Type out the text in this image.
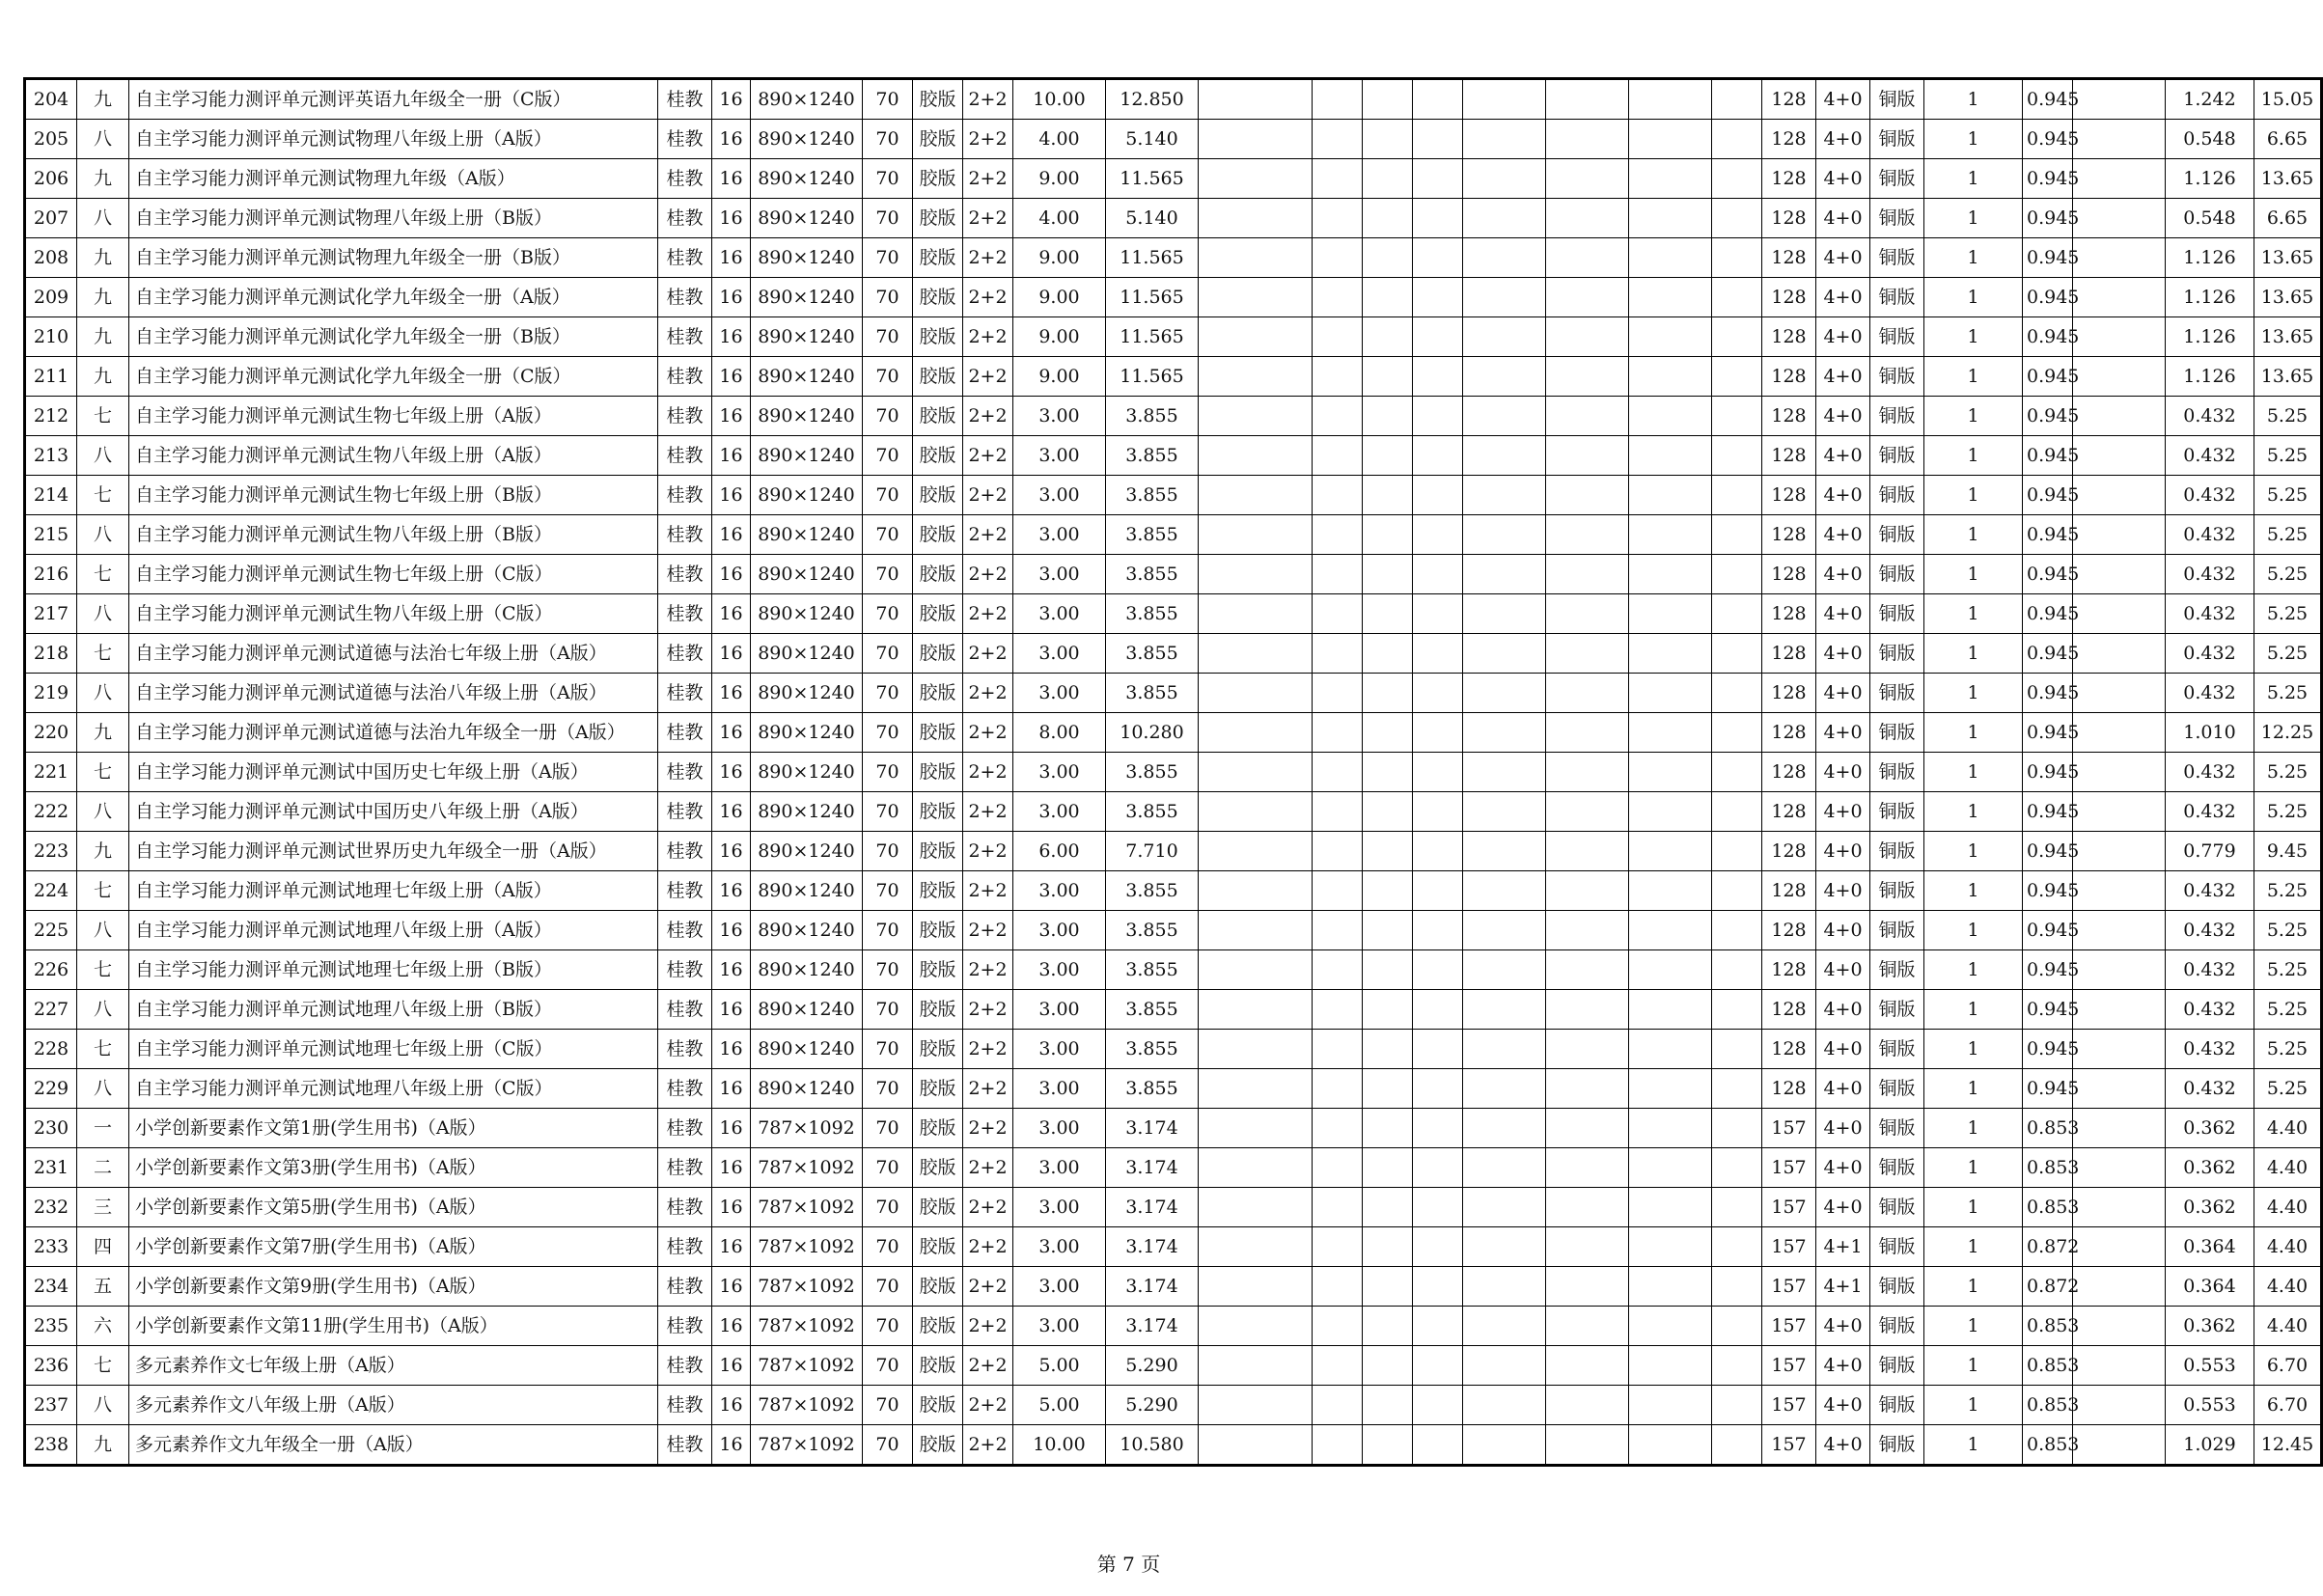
204	九	自主学习能力测评单元测评英语九年级全一册（C版）	桂教	16	890×1240	70	胶版	2+2	10.00	12.850									128	4+0	铜版	1	0.945		1.242	15.05
205	八	自主学习能力测评单元测试物理八年级上册（A版）	桂教	16	890×1240	70	胶版	2+2	4.00	5.140									128	4+0	铜版	1	0.945		0.548	6.65
206	九	自主学习能力测评单元测试物理九年级（A版）	桂教	16	890×1240	70	胶版	2+2	9.00	11.565									128	4+0	铜版	1	0.945		1.126	13.65
207	八	自主学习能力测评单元测试物理八年级上册（B版）	桂教	16	890×1240	70	胶版	2+2	4.00	5.140									128	4+0	铜版	1	0.945		0.548	6.65
208	九	自主学习能力测评单元测试物理九年级全一册（B版）	桂教	16	890×1240	70	胶版	2+2	9.00	11.565									128	4+0	铜版	1	0.945		1.126	13.65
209	九	自主学习能力测评单元测试化学九年级全一册（A版）	桂教	16	890×1240	70	胶版	2+2	9.00	11.565									128	4+0	铜版	1	0.945		1.126	13.65
210	九	自主学习能力测评单元测试化学九年级全一册（B版）	桂教	16	890×1240	70	胶版	2+2	9.00	11.565									128	4+0	铜版	1	0.945		1.126	13.65
211	九	自主学习能力测评单元测试化学九年级全一册（C版）	桂教	16	890×1240	70	胶版	2+2	9.00	11.565									128	4+0	铜版	1	0.945		1.126	13.65
212	七	自主学习能力测评单元测试生物七年级上册（A版）	桂教	16	890×1240	70	胶版	2+2	3.00	3.855									128	4+0	铜版	1	0.945		0.432	5.25
213	八	自主学习能力测评单元测试生物八年级上册（A版）	桂教	16	890×1240	70	胶版	2+2	3.00	3.855									128	4+0	铜版	1	0.945		0.432	5.25
214	七	自主学习能力测评单元测试生物七年级上册（B版）	桂教	16	890×1240	70	胶版	2+2	3.00	3.855									128	4+0	铜版	1	0.945		0.432	5.25
215	八	自主学习能力测评单元测试生物八年级上册（B版）	桂教	16	890×1240	70	胶版	2+2	3.00	3.855									128	4+0	铜版	1	0.945		0.432	5.25
216	七	自主学习能力测评单元测试生物七年级上册（C版）	桂教	16	890×1240	70	胶版	2+2	3.00	3.855									128	4+0	铜版	1	0.945		0.432	5.25
217	八	自主学习能力测评单元测试生物八年级上册（C版）	桂教	16	890×1240	70	胶版	2+2	3.00	3.855									128	4+0	铜版	1	0.945		0.432	5.25
218	七	自主学习能力测评单元测试道德与法治七年级上册（A版）	桂教	16	890×1240	70	胶版	2+2	3.00	3.855									128	4+0	铜版	1	0.945		0.432	5.25
219	八	自主学习能力测评单元测试道德与法治八年级上册（A版）	桂教	16	890×1240	70	胶版	2+2	3.00	3.855									128	4+0	铜版	1	0.945		0.432	5.25
220	九	自主学习能力测评单元测试道德与法治九年级全一册（A版）	桂教	16	890×1240	70	胶版	2+2	8.00	10.280									128	4+0	铜版	1	0.945		1.010	12.25
221	七	自主学习能力测评单元测试中国历史七年级上册（A版）	桂教	16	890×1240	70	胶版	2+2	3.00	3.855									128	4+0	铜版	1	0.945		0.432	5.25
222	八	自主学习能力测评单元测试中国历史八年级上册（A版）	桂教	16	890×1240	70	胶版	2+2	3.00	3.855									128	4+0	铜版	1	0.945		0.432	5.25
223	九	自主学习能力测评单元测试世界历史九年级全一册（A版）	桂教	16	890×1240	70	胶版	2+2	6.00	7.710									128	4+0	铜版	1	0.945		0.779	9.45
224	七	自主学习能力测评单元测试地理七年级上册（A版）	桂教	16	890×1240	70	胶版	2+2	3.00	3.855									128	4+0	铜版	1	0.945		0.432	5.25
225	八	自主学习能力测评单元测试地理八年级上册（A版）	桂教	16	890×1240	70	胶版	2+2	3.00	3.855									128	4+0	铜版	1	0.945		0.432	5.25
226	七	自主学习能力测评单元测试地理七年级上册（B版）	桂教	16	890×1240	70	胶版	2+2	3.00	3.855									128	4+0	铜版	1	0.945		0.432	5.25
227	八	自主学习能力测评单元测试地理八年级上册（B版）	桂教	16	890×1240	70	胶版	2+2	3.00	3.855									128	4+0	铜版	1	0.945		0.432	5.25
228	七	自主学习能力测评单元测试地理七年级上册（C版）	桂教	16	890×1240	70	胶版	2+2	3.00	3.855									128	4+0	铜版	1	0.945		0.432	5.25
229	八	自主学习能力测评单元测试地理八年级上册（C版）	桂教	16	890×1240	70	胶版	2+2	3.00	3.855									128	4+0	铜版	1	0.945		0.432	5.25
230	一	小学创新要素作文第1册(学生用书)（A版）	桂教	16	787×1092	70	胶版	2+2	3.00	3.174									157	4+0	铜版	1	0.853		0.362	4.40
231	二	小学创新要素作文第3册(学生用书)（A版）	桂教	16	787×1092	70	胶版	2+2	3.00	3.174									157	4+0	铜版	1	0.853		0.362	4.40
232	三	小学创新要素作文第5册(学生用书)（A版）	桂教	16	787×1092	70	胶版	2+2	3.00	3.174									157	4+0	铜版	1	0.853		0.362	4.40
233	四	小学创新要素作文第7册(学生用书)（A版）	桂教	16	787×1092	70	胶版	2+2	3.00	3.174									157	4+1	铜版	1	0.872		0.364	4.40
234	五	小学创新要素作文第9册(学生用书)（A版）	桂教	16	787×1092	70	胶版	2+2	3.00	3.174									157	4+1	铜版	1	0.872		0.364	4.40
235	六	小学创新要素作文第11册(学生用书)（A版）	桂教	16	787×1092	70	胶版	2+2	3.00	3.174									157	4+0	铜版	1	0.853		0.362	4.40
236	七	多元素养作文七年级上册（A版）	桂教	16	787×1092	70	胶版	2+2	5.00	5.290									157	4+0	铜版	1	0.853		0.553	6.70
237	八	多元素养作文八年级上册（A版）	桂教	16	787×1092	70	胶版	2+2	5.00	5.290									157	4+0	铜版	1	0.853		0.553	6.70
238	九	多元素养作文九年级全一册（A版）	桂教	16	787×1092	70	胶版	2+2	10.00	10.580									157	4+0	铜版	1	0.853		1.029	12.45
第 7 页
